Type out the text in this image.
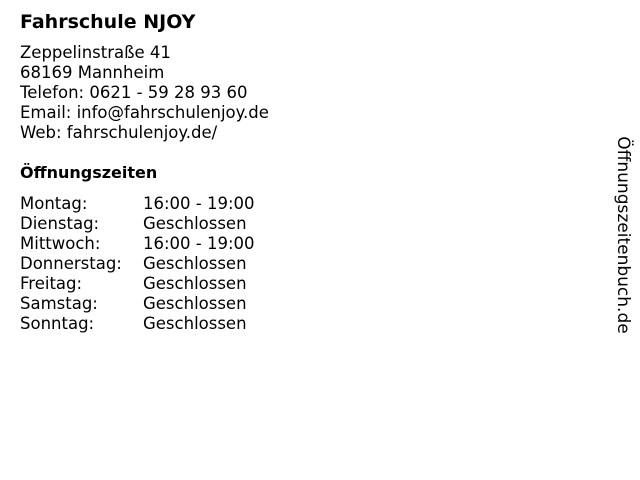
Fahrschule NJOY
Zeppelinstraße 41
68169 Mannheim
Telefon: 0621 - 59 28 93 60
Email: info@fahrschulenjoy.de
Web: fahrschulenjoy.de/
Öffnungszeiten
Montag:	16:00 - 19:00
Dienstag:	Geschlossen
Mittwoch:	16:00 - 19:00
Donnerstag: Geschlossen
Freitag:	Geschlossen
Samstag:	Geschlossen
Sonntag:	Geschlossen	Öffnungszeitenbuch.de
